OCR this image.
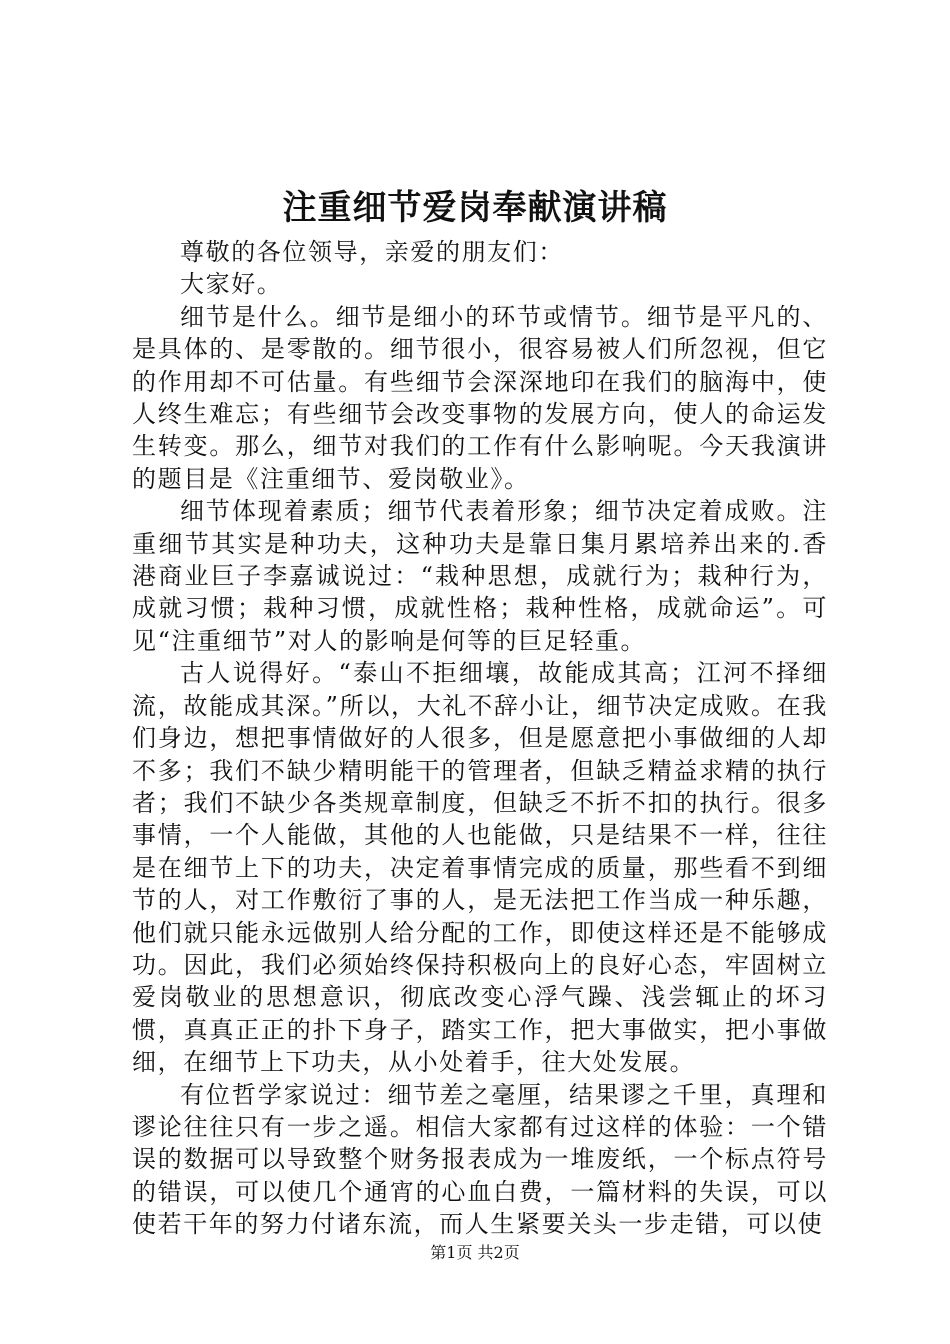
注重细节爱岗奉献演讲稿

尊敬的各位领导，亲爱的朋友们：

大家好。

细节是什么。细节是细小的环节或情节。细节是平凡的、是具体的、是零散的。细节很小，很容易被人们所忽视，但它的作用却不可估量。有些细节会深深地印在我们的脑海中，使人终生难忘；有些细节会改变事物的发展方向，使人的命运发生转变。那么，细节对我们的工作有什么影响呢。今天我演讲的题目是《注重细节、爱岗敬业》。

细节体现着素质；细节代表着形象；细节决定着成败。注重细节其实是种功夫，这种功夫是靠日集月累培养出来的.香港商业巨子李嘉诚说过：“栽种思想，成就行为；栽种行为，成就习惯；栽种习惯，成就性格；栽种性格，成就命运”。可见“注重细节”对人的影响是何等的巨足轻重。

古人说得好。“泰山不拒细壤，故能成其高；江河不择细流，故能成其深。”所以，大礼不辞小让，细节决定成败。在我们身边，想把事情做好的人很多，但是愿意把小事做细的人却不多；我们不缺少精明能干的管理者，但缺乏精益求精的执行者；我们不缺少各类规章制度，但缺乏不折不扣的执行。很多事情，一个人能做，其他的人也能做，只是结果不一样，往往是在细节上下的功夫，决定着事情完成的质量，那些看不到细节的人，对工作敷衍了事的人，是无法把工作当成一种乐趣，他们就只能永远做别人给分配的工作，即使这样还是不能够成功。因此，我们必须始终保持积极向上的良好心态，牢固树立爱岗敬业的思想意识，彻底改变心浮气躁、浅尝辄止的坏习惯，真真正正的扑下身子，踏实工作，把大事做实，把小事做细，在细节上下功夫，从小处着手，往大处发展。

有位哲学家说过：细节差之毫厘，结果谬之千里，真理和谬论往往只有一步之遥。相信大家都有过这样的体验：一个错误的数据可以导致整个财务报表成为一堆废纸，一个标点符号的错误，可以使几个通宵的心血白费，一篇材料的失误，可以使若干年的努力付诸东流，而人生紧要关头一步走错，可以使

第1页 共2页
